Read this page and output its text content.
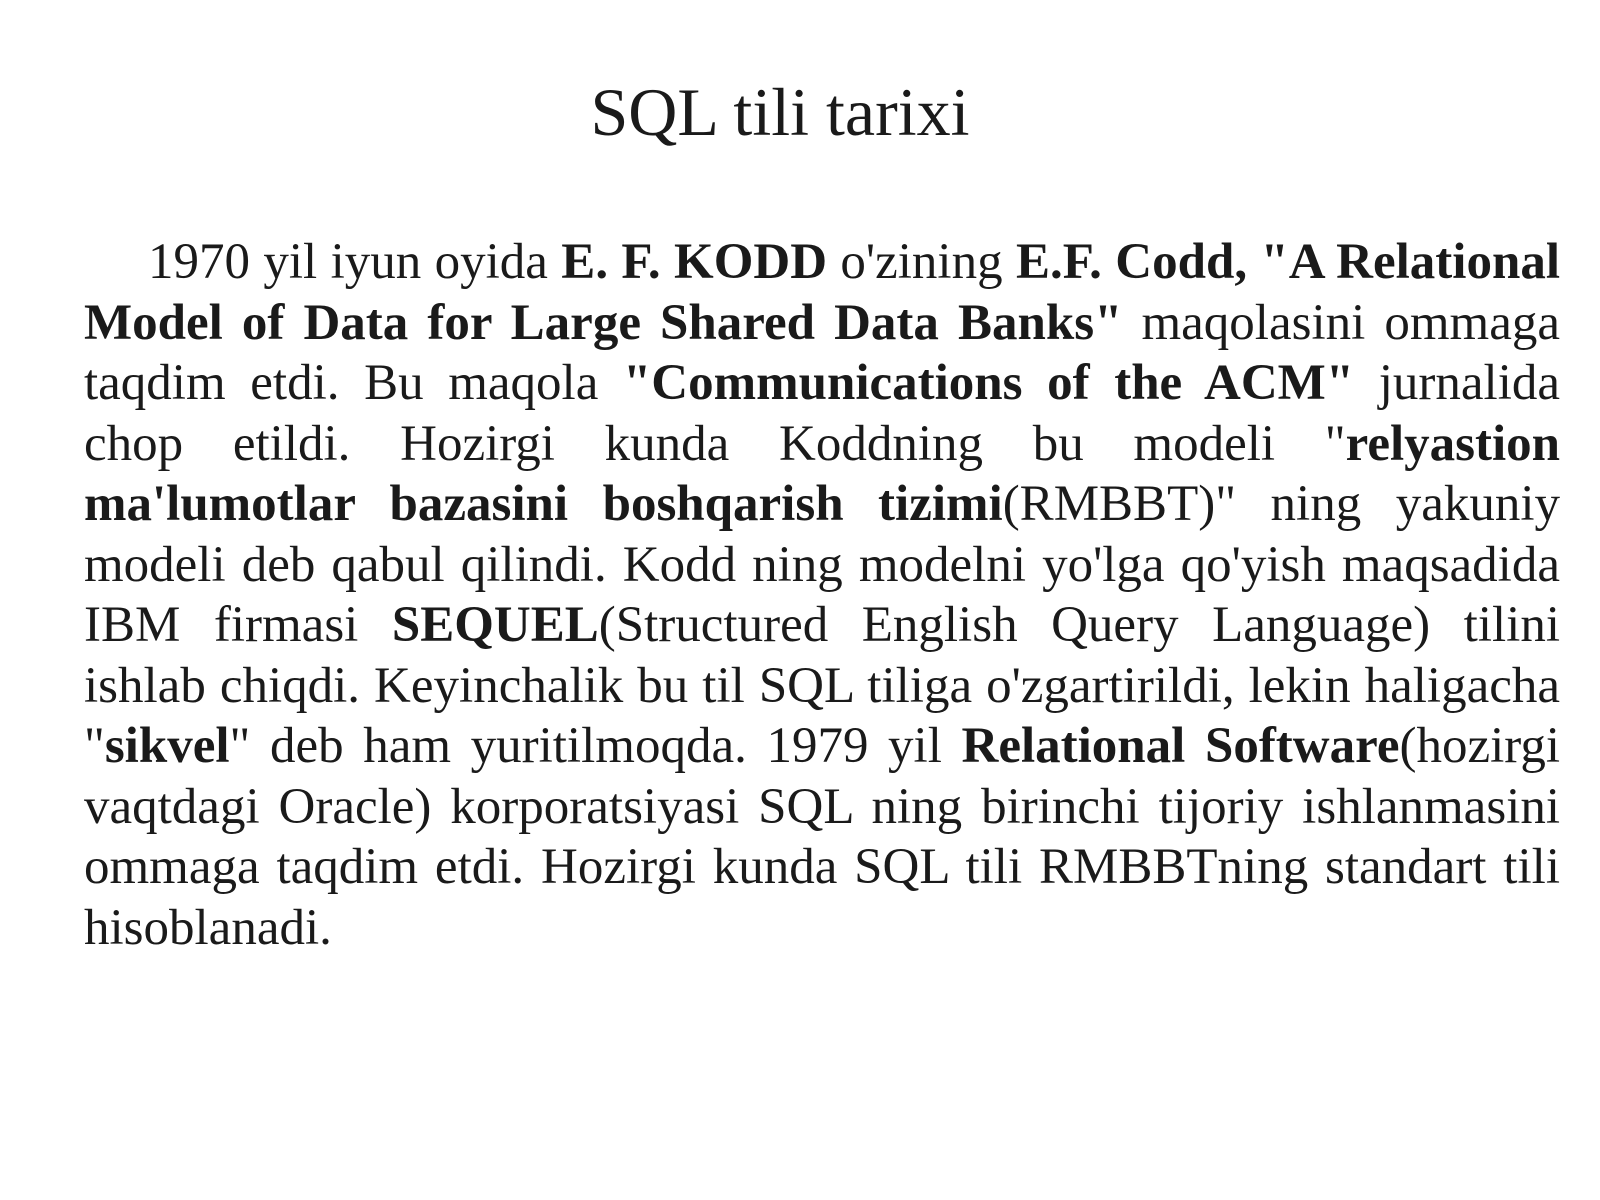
SQL tili tarixi

1970 yil iyun oyida E. F. KODD o'zining E.F. Codd, "A Relational Model of Data for Large Shared Data Banks" maqolasini ommaga taqdim etdi. Bu maqola "Communications of the ACM" jurnalida chop etildi. Hozirgi kunda Koddning bu modeli "relyastion ma'lumotlar bazasini boshqarish tizimi(RMBBT)" ning yakuniy modeli deb qabul qilindi. Kodd ning modelni yo'lga qo'yish maqsadida IBM firmasi SEQUEL(Structured English Query Language) tilini ishlab chiqdi. Keyinchalik bu til SQL tiliga o'zgartirildi, lekin haligacha "sikvel" deb ham yuritilmoqda. 1979 yil Relational Software(hozirgi vaqtdagi Oracle) korporatsiyasi SQL ning birinchi tijoriy ishlanmasini ommaga taqdim etdi. Hozirgi kunda SQL tili RMBBTning standart tili hisoblanadi.
